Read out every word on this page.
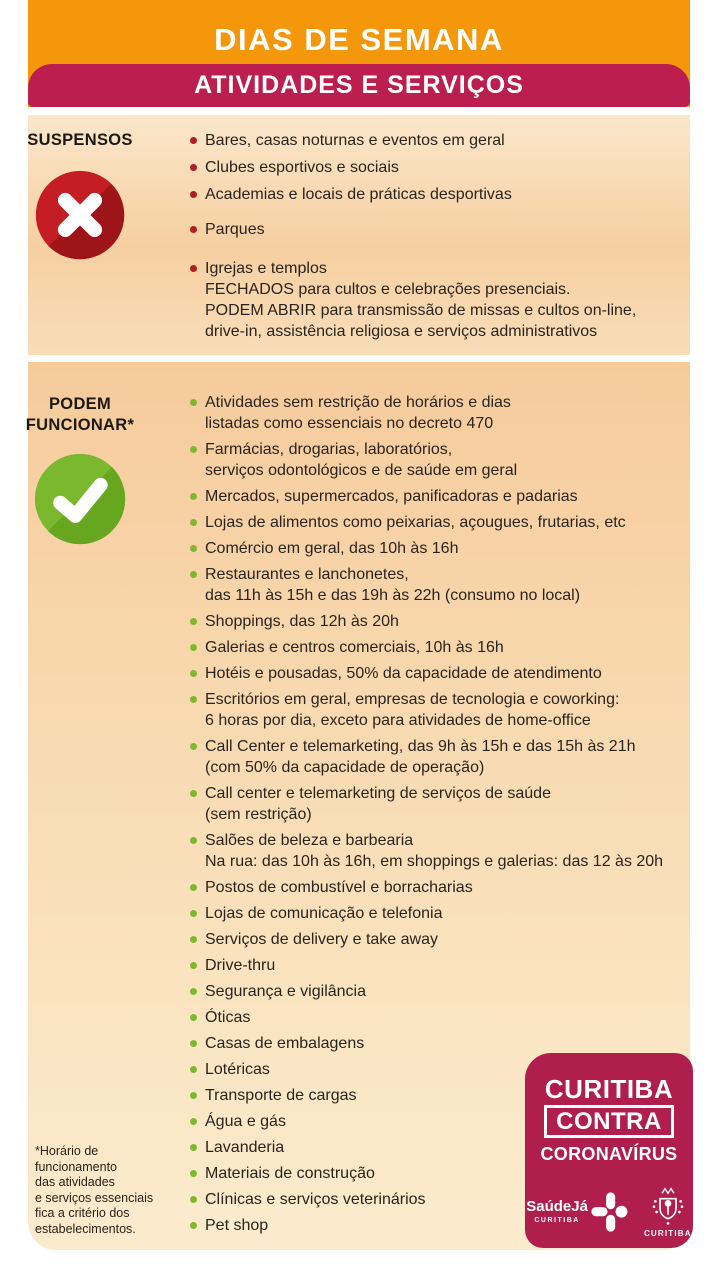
DIAS DE SEMANA
ATIVIDADES E SERVIÇOS
SUSPENSOS	Bares, casas noturnas e eventos em geral
Clubes esportivos e sociais
Academias e locais de práticas desportivas
Parques
Igrejas e templos
FECHADOS para cultos e celebrações presenciais.
PODEM ABRIR para transmissão de missas e cultos on-line,
drive-in, assistência religiosa e serviços administrativos
PODEM
FUNCIONAR*
Atividades sem restrição de horários e dias
listadas como essenciais no decreto 470
Farmácias, drogarias, laboratórios,
serviços odontológicos e de saúde em geral
Mercados, supermercados, panificadoras e padarias
Lojas de alimentos como peixarias, açougues, frutarias, etc
Comércio em geral, das 10h às 16h
Restaurantes e lanchonetes,
das 11h às 15h e das 19h às 22h (consumo no local)
Shoppings, das 12h às 20h
Galerias e centros comerciais, 10h às 16h
Hotéis e pousadas, 50% da capacidade de atendimento
Escritórios em geral, empresas de tecnologia e coworking:
6 horas por dia, exceto para atividades de home-office
Call Center e telemarketing, das 9h às 15h e das 15h às 21h
(com 50% da capacidade de operação)
Call center e telemarketing de serviços de saúde
(sem restrição)
Salões de beleza e barbearia
Na rua: das 10h às 16h, em shoppings e galerias: das 12 às 20h
Postos de combustível e borracharias
Lojas de comunicação e telefonia
Serviços de delivery e take away
Drive-thru
Segurança e vigilância
Óticas
Casas de embalagens
Lotéricas
Transporte de cargas
Água e gás
Lavanderia
Materiais de construção
Clínicas e serviços veterinários
Pet shop
*Horário de
funcionamento
das atividades
e serviços essenciais
fica a critério dos
estabelecimentos.
CURITIBA
CONTRA
CORONAVÍRUS
SaúdeJá
CURITIBA
CURITIBA
